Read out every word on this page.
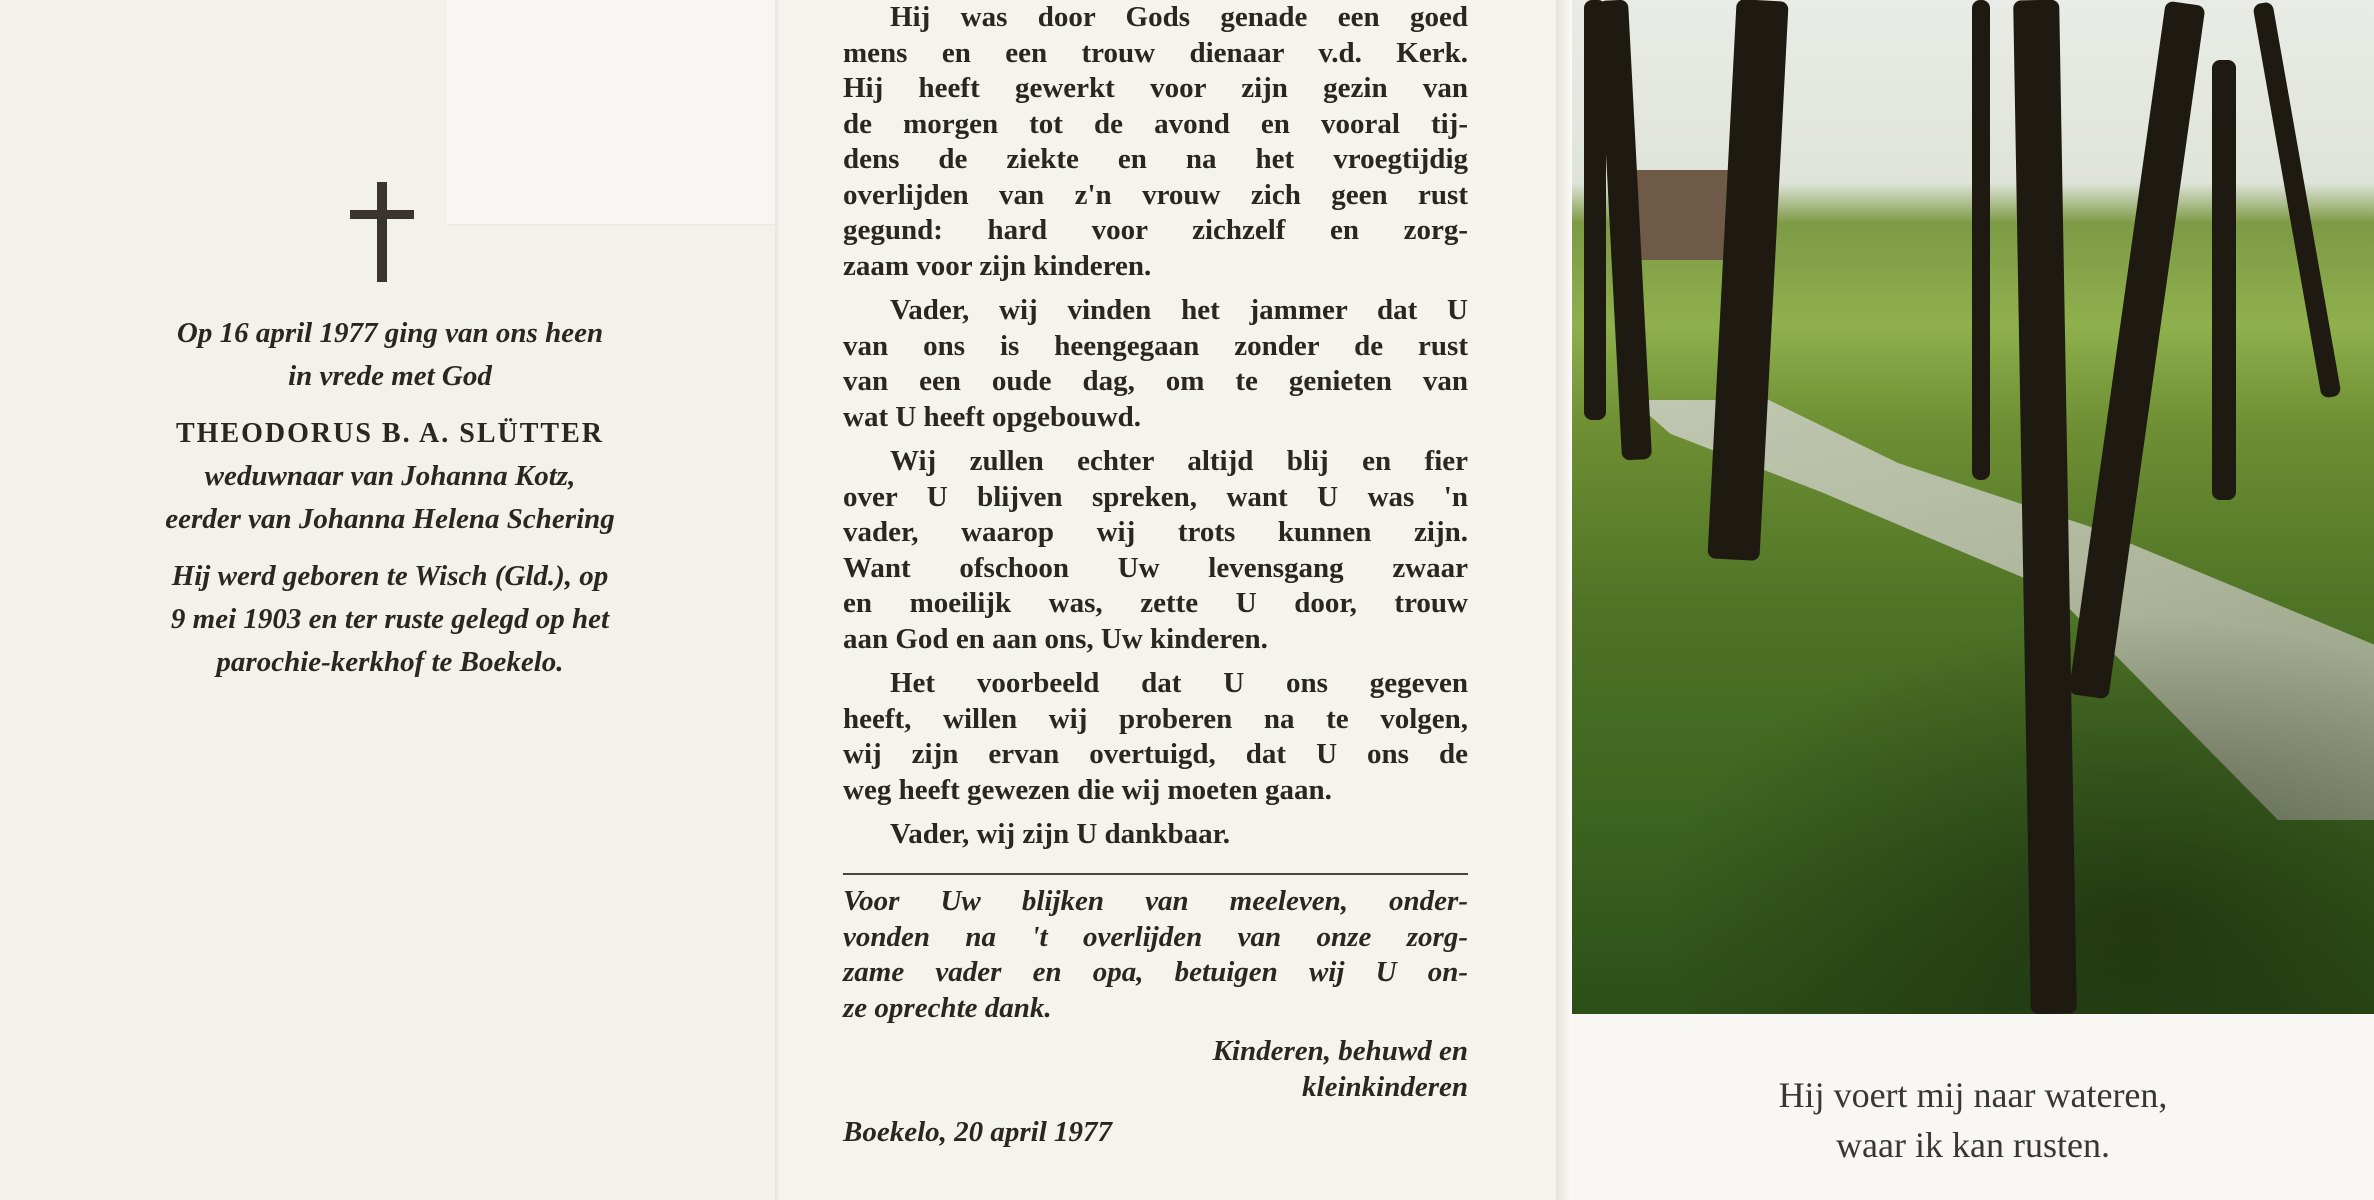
Op 16 april 1977 ging van ons heen
in vrede met God
THEODORUS B. A. SLÜTTER
weduwnaar van Johanna Kotz,
eerder van Johanna Helena Schering
Hij werd geboren te Wisch (Gld.), op
9 mei 1903 en ter ruste gelegd op het
parochie-kerkhof te Boekelo.
Hij was door Gods genade een goed
mens en een trouw dienaar v.d. Kerk.
Hij heeft gewerkt voor zijn gezin van
de morgen tot de avond en vooral tij-
dens de ziekte en na het vroegtijdig
overlijden van z'n vrouw zich geen rust
gegund: hard voor zichzelf en zorg-
zaam voor zijn kinderen.
Vader, wij vinden het jammer dat U
van ons is heengegaan zonder de rust
van een oude dag, om te genieten van
wat U heeft opgebouwd.
Wij zullen echter altijd blij en fier
over U blijven spreken, want U was 'n
vader, waarop wij trots kunnen zijn.
Want ofschoon Uw levensgang zwaar
en moeilijk was, zette U door, trouw
aan God en aan ons, Uw kinderen.
Het voorbeeld dat U ons gegeven
heeft, willen wij proberen na te volgen,
wij zijn ervan overtuigd, dat U ons de
weg heeft gewezen die wij moeten gaan.
Vader, wij zijn U dankbaar.
Voor Uw blijken van meeleven, onder-
vonden na 't overlijden van onze zorg-
zame vader en opa, betuigen wij U on-
ze oprechte dank.
Kinderen, behuwd en
kleinkinderen
Boekelo, 20 april 1977
Hij voert mij naar wateren,
waar ik kan rusten.
